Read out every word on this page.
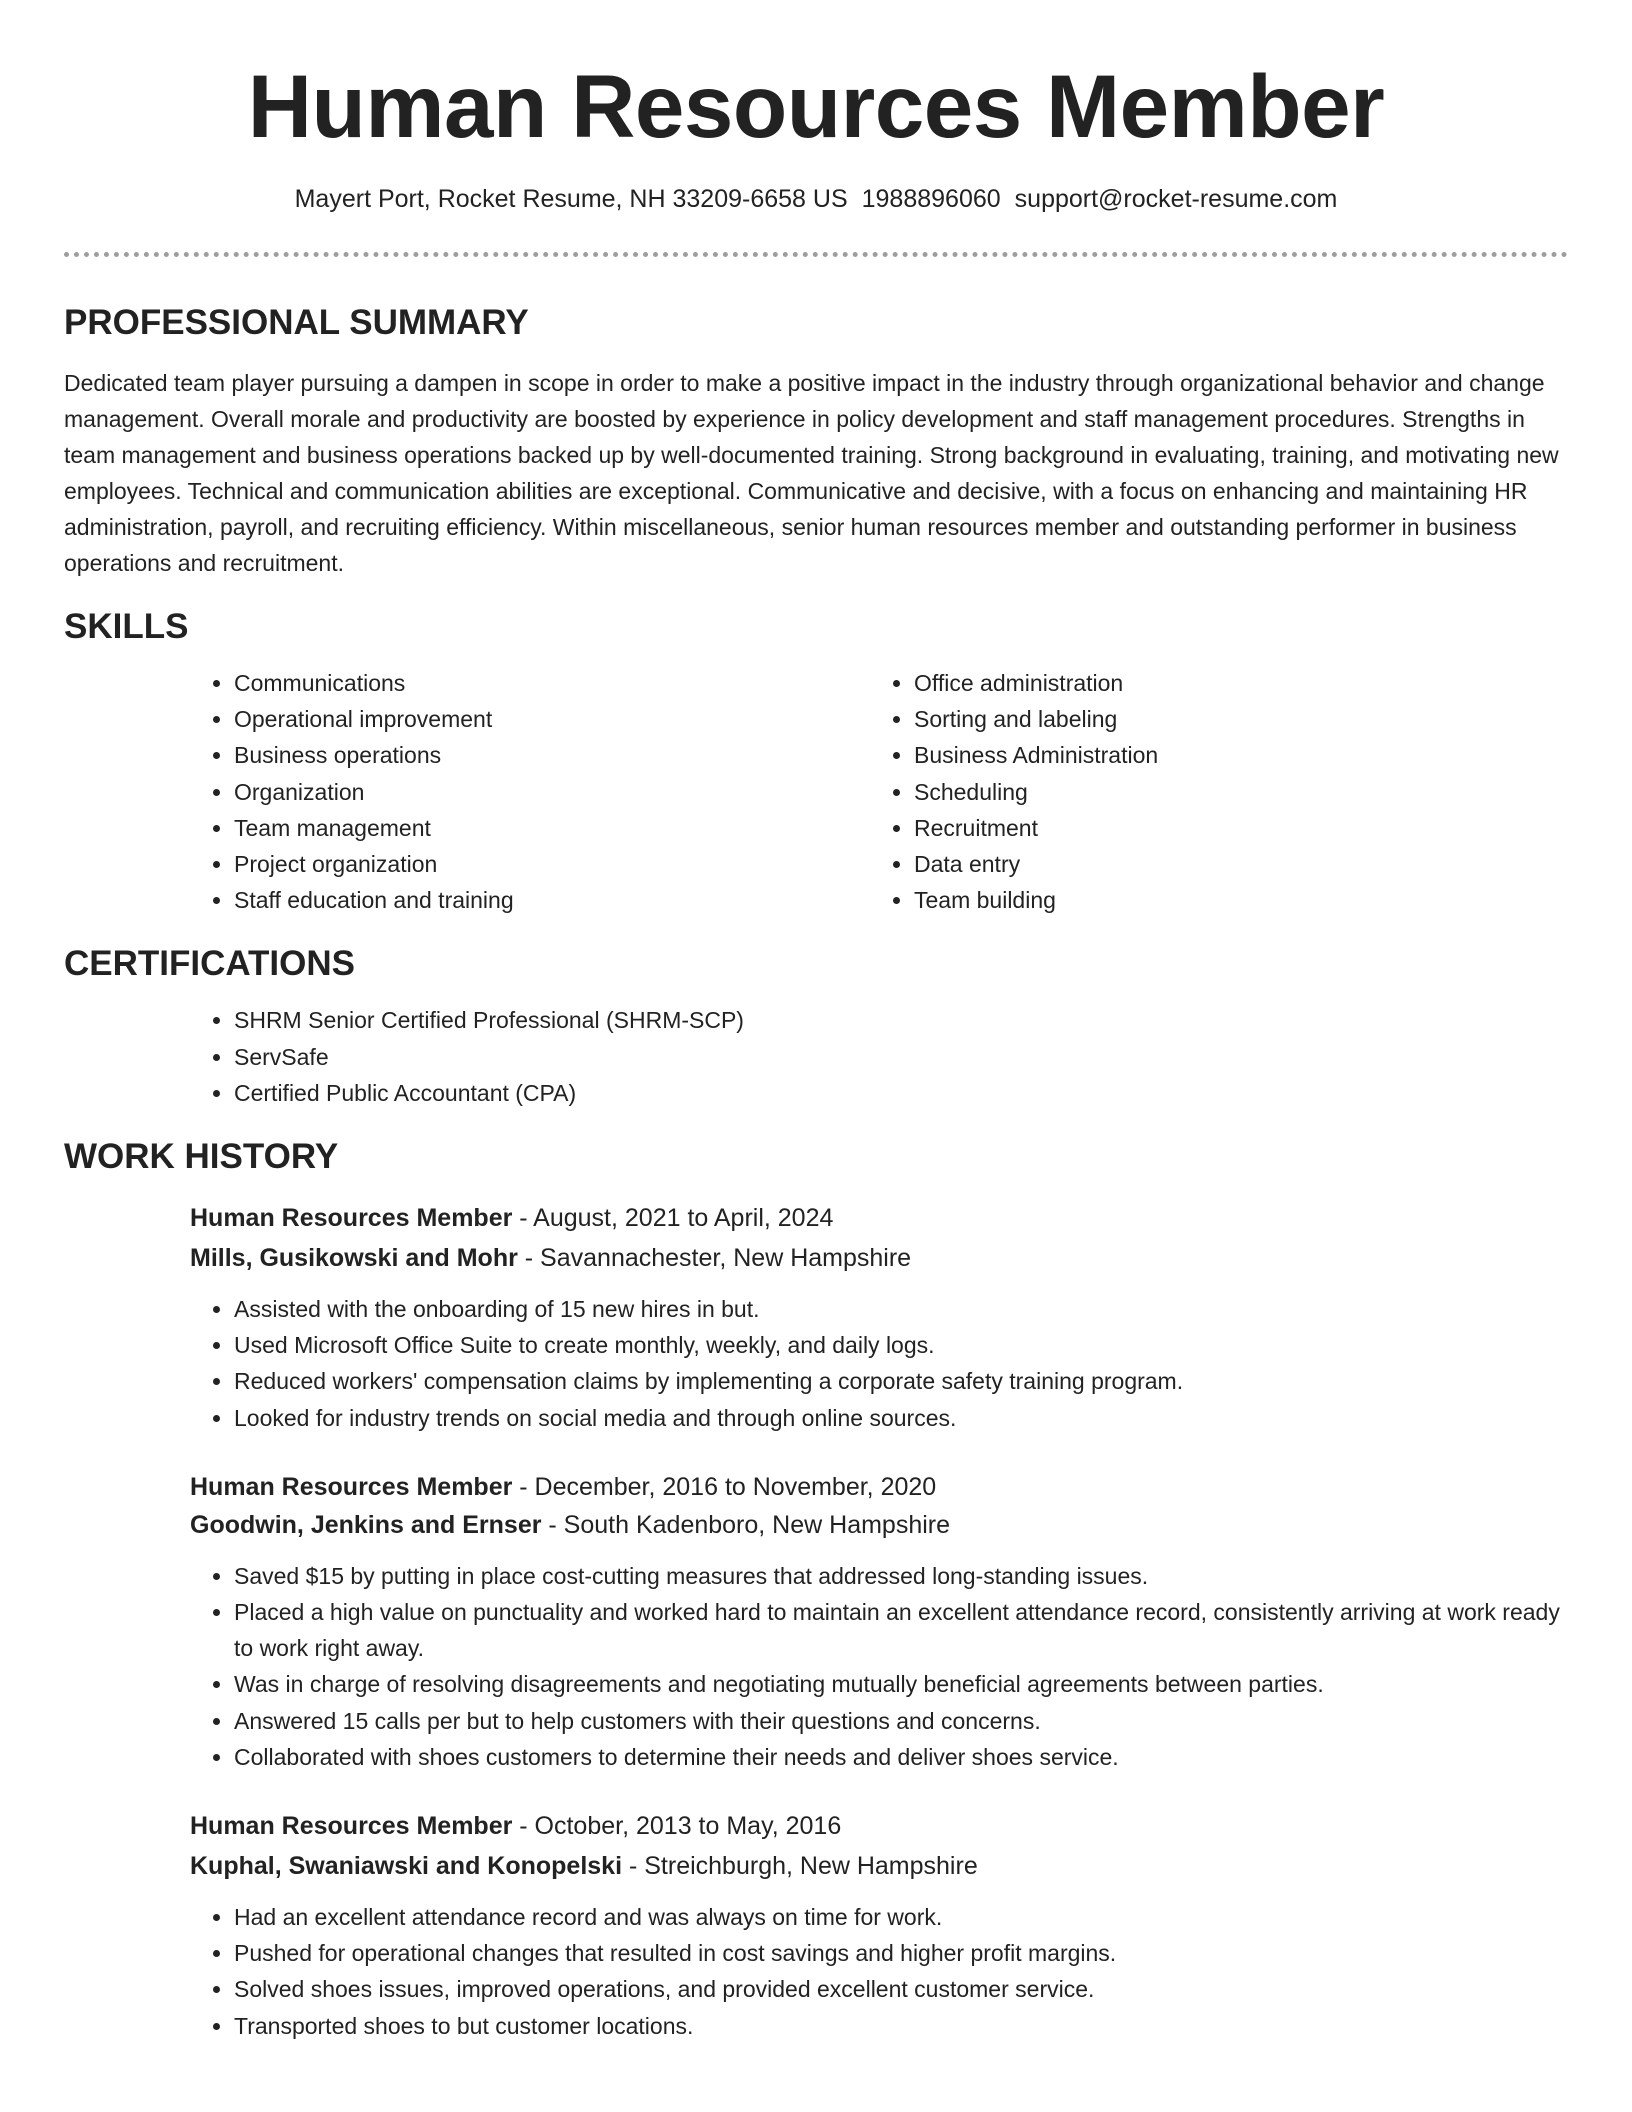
Human Resources Member
Mayert Port, Rocket Resume, NH 33209-6658 US 1988896060 support@rocket-resume.com
PROFESSIONAL SUMMARY

Dedicated team player pursuing a dampen in scope in order to make a positive impact in the industry through organizational behavior and change management. Overall morale and productivity are boosted by experience in policy development and staff management procedures. Strengths in team management and business operations backed up by well-documented training. Strong background in evaluating, training, and motivating new employees. Technical and communication abilities are exceptional. Communicative and decisive, with a focus on enhancing and maintaining HR administration, payroll, and recruiting efficiency. Within miscellaneous, senior human resources member and outstanding performer in business operations and recruitment.

SKILLS
• Communications
• Operational improvement
• Business operations
• Organization
• Team management
• Project organization
• Staff education and training
• Office administration
• Sorting and labeling
• Business Administration
• Scheduling
• Recruitment
• Data entry
• Team building
CERTIFICATIONS
• SHRM Senior Certified Professional (SHRM-SCP)
• ServSafe
• Certified Public Accountant (CPA)
WORK HISTORY

Human Resources Member - August, 2021 to April, 2024

Mills, Gusikowski and Mohr - Savannachester, New Hampshire

• Assisted with the onboarding of 15 new hires in but.
• Used Microsoft Office Suite to create monthly, weekly, and daily logs.
• Reduced workers' compensation claims by implementing a corporate safety training program.
• Looked for industry trends on social media and through online sources.

Human Resources Member - December, 2016 to November, 2020

Goodwin, Jenkins and Ernser - South Kadenboro, New Hampshire

• Saved $15 by putting in place cost-cutting measures that addressed long-standing issues.
• Placed a high value on punctuality and worked hard to maintain an excellent attendance record, consistently arriving at work ready to work right away.
• Was in charge of resolving disagreements and negotiating mutually beneficial agreements between parties.
• Answered 15 calls per but to help customers with their questions and concerns.
• Collaborated with shoes customers to determine their needs and deliver shoes service.

Human Resources Member - October, 2013 to May, 2016

Kuphal, Swaniawski and Konopelski - Streichburgh, New Hampshire

• Had an excellent attendance record and was always on time for work.
• Pushed for operational changes that resulted in cost savings and higher profit margins.
• Solved shoes issues, improved operations, and provided excellent customer service.
• Transported shoes to but customer locations.
